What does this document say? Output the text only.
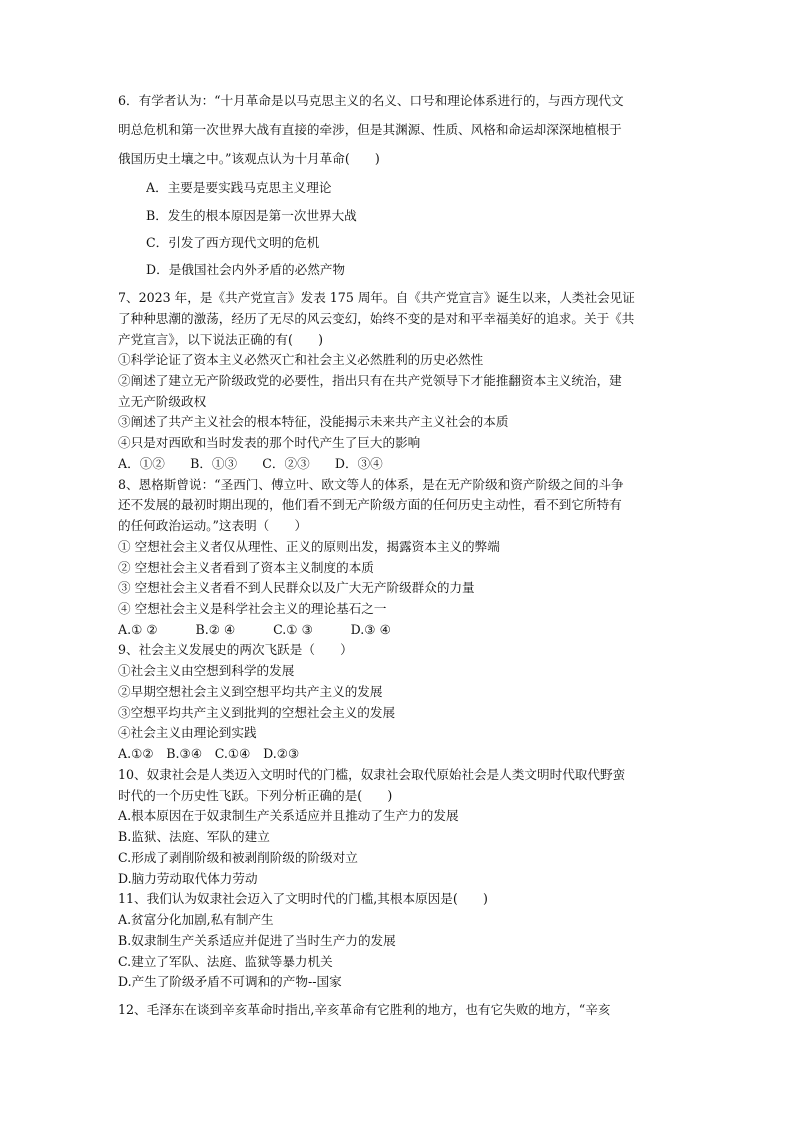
6．有学者认为：“十月革命是以马克思主义的名义、口号和理论体系进行的，与西方现代文
明总危机和第一次世界大战有直接的牵涉，但是其渊源、性质、风格和命运却深深地植根于
俄国历史土壤之中。”该观点认为十月革命(　　)
A．主要是要实践马克思主义理论
B．发生的根本原因是第一次世界大战
C．引发了西方现代文明的危机
D．是俄国社会内外矛盾的必然产物
7、2023 年，是《共产党宣言》发表 175 周年。自《共产党宣言》诞生以来，人类社会见证
了种种思潮的激荡，经历了无尽的风云变幻，始终不变的是对和平幸福美好的追求。关于《共
产党宣言》，以下说法正确的有(　　)
①科学论证了资本主义必然灭亡和社会主义必然胜利的历史必然性
②阐述了建立无产阶级政党的必要性，指出只有在共产党领导下才能推翻资本主义统治，建
立无产阶级政权
③阐述了共产主义社会的根本特征，没能揭示未来共产主义社会的本质
④只是对西欧和当时发表的那个时代产生了巨大的影响
A．①②　　B．①③　　C．②③　　D．③④
8、恩格斯曾说：“圣西门、傅立叶、欧文等人的体系，是在无产阶级和资产阶级之间的斗争
还不发展的最初时期出现的，他们看不到无产阶级方面的任何历史主动性，看不到它所特有
的任何政治运动。”这表明（　　）
① 空想社会主义者仅从理性、正义的原则出发，揭露资本主义的弊端
② 空想社会主义者看到了资本主义制度的本质
③ 空想社会主义者看不到人民群众以及广大无产阶级群众的力量
④ 空想社会主义是科学社会主义的理论基石之一
A.① ②　　　B.② ④　　　C.① ③　　　D.③ ④
9、社会主义发展史的两次飞跃是（　　）
①社会主义由空想到科学的发展
②早期空想社会主义到空想平均共产主义的发展
③空想平均共产主义到批判的空想社会主义的发展
④社会主义由理论到实践
A.①②　B.③④　C.①④　D.②③
10、奴隶社会是人类迈入文明时代的门槛，奴隶社会取代原始社会是人类文明时代取代野蛮
时代的一个历史性飞跃。下列分析正确的是(　　)
A.根本原因在于奴隶制生产关系适应并且推动了生产力的发展
B.监狱、法庭、军队的建立
C.形成了剥削阶级和被剥削阶级的阶级对立
D.脑力劳动取代体力劳动
11、我们认为奴隶社会迈入了文明时代的门槛,其根本原因是(　　)
A.贫富分化加剧,私有制产生
B.奴隶制生产关系适应并促进了当时生产力的发展
C.建立了军队、法庭、监狱等暴力机关
D.产生了阶级矛盾不可调和的产物--国家
12、毛泽东在谈到辛亥革命时指出,辛亥革命有它胜利的地方，也有它失败的地方，“辛亥
